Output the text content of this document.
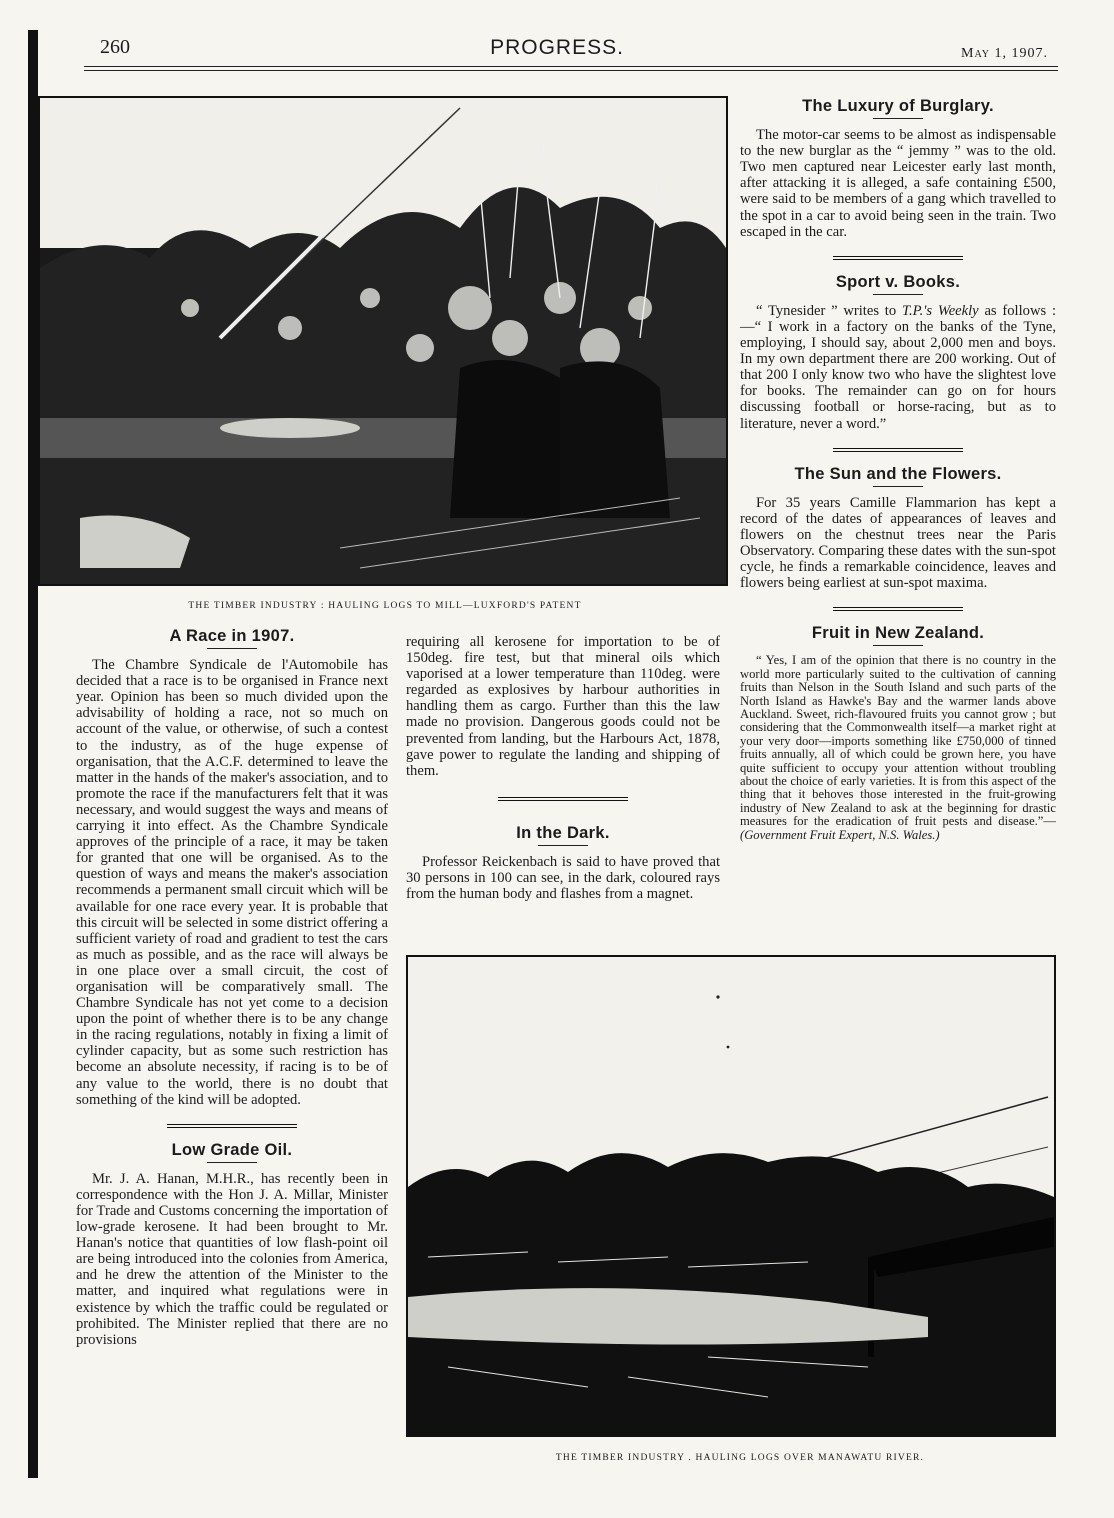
260	PROGRESS.	May 1, 1907.
THE TIMBER INDUSTRY : HAULING LOGS TO MILL—LUXFORD'S PATENT
A Race in 1907.

The Chambre Syndicale de l'Automobile has decided that a race is to be organised in France next year. Opinion has been so much divided upon the advisability of holding a race, not so much on account of the value, or otherwise, of such a contest to the industry, as of the huge expense of organisation, that the A.C.F. determined to leave the matter in the hands of the maker's association, and to promote the race if the manufacturers felt that it was necessary, and would suggest the ways and means of carrying it into effect. As the Chambre Syndicale approves of the principle of a race, it may be taken for granted that one will be organised. As to the question of ways and means the maker's association recommends a permanent small circuit which will be available for one race every year. It is probable that this circuit will be selected in some district offering a sufficient variety of road and gradient to test the cars as much as possible, and as the race will always be in one place over a small circuit, the cost of organisation will be comparatively small. The Chambre Syndicale has not yet come to a decision upon the point of whether there is to be any change in the racing regulations, notably in fixing a limit of cylinder capacity, but as some such restriction has become an absolute necessity, if racing is to be of any value to the world, there is no doubt that something of the kind will be adopted.

Low Grade Oil.

Mr. J. A. Hanan, M.H.R., has recently been in correspondence with the Hon J. A. Millar, Minister for Trade and Customs concerning the importation of low-grade kerosene. It had been brought to Mr. Hanan's notice that quantities of low flash-point oil are being introduced into the colonies from America, and he drew the attention of the Minister to the matter, and inquired what regulations were in existence by which the traffic could be regulated or prohibited. The Minister replied that there are no provisions

requiring all kerosene for importation to be of 150deg. fire test, but that mineral oils which vaporised at a lower temperature than 110deg. were regarded as explosives by harbour authorities in handling them as cargo. Further than this the law made no provision. Dangerous goods could not be prevented from landing, but the Harbours Act, 1878, gave power to regulate the landing and shipping of them.

In the Dark.

Professor Reickenbach is said to have proved that 30 persons in 100 can see, in the dark, coloured rays from the human body and flashes from a magnet.

The Luxury of Burglary.

The motor-car seems to be almost as indispensable to the new burglar as the “ jemmy ” was to the old. Two men captured near Leicester early last month, after attacking it is alleged, a safe containing £500, were said to be members of a gang which travelled to the spot in a car to avoid being seen in the train. Two escaped in the car.

Sport v. Books.

“ Tynesider ” writes to T.P.'s Weekly as follows :—“ I work in a factory on the banks of the Tyne, employing, I should say, about 2,000 men and boys. In my own department there are 200 working. Out of that 200 I only know two who have the slightest love for books. The remainder can go on for hours discussing football or horse-racing, but as to literature, never a word.”

The Sun and the Flowers.

For 35 years Camille Flammarion has kept a record of the dates of appearances of leaves and flowers on the chestnut trees near the Paris Observatory. Comparing these dates with the sun-spot cycle, he finds a remarkable coincidence, leaves and flowers being earliest at sun-spot maxima.

Fruit in New Zealand.

“ Yes, I am of the opinion that there is no country in the world more particularly suited to the cultivation of canning fruits than Nelson in the South Island and such parts of the North Island as Hawke's Bay and the warmer lands above Auckland. Sweet, rich-flavoured fruits you cannot grow ; but considering that the Commonwealth itself—a market right at your very door—imports something like £750,000 of tinned fruits annually, all of which could be grown here, you have quite sufficient to occupy your attention without troubling about the choice of early varieties. It is from this aspect of the thing that it behoves those interested in the fruit-growing industry of New Zealand to ask at the beginning for drastic measures for the eradication of fruit pests and disease.”—(Government Fruit Expert, N.S. Wales.)

THE TIMBER INDUSTRY . HAULING LOGS OVER MANAWATU RIVER.
